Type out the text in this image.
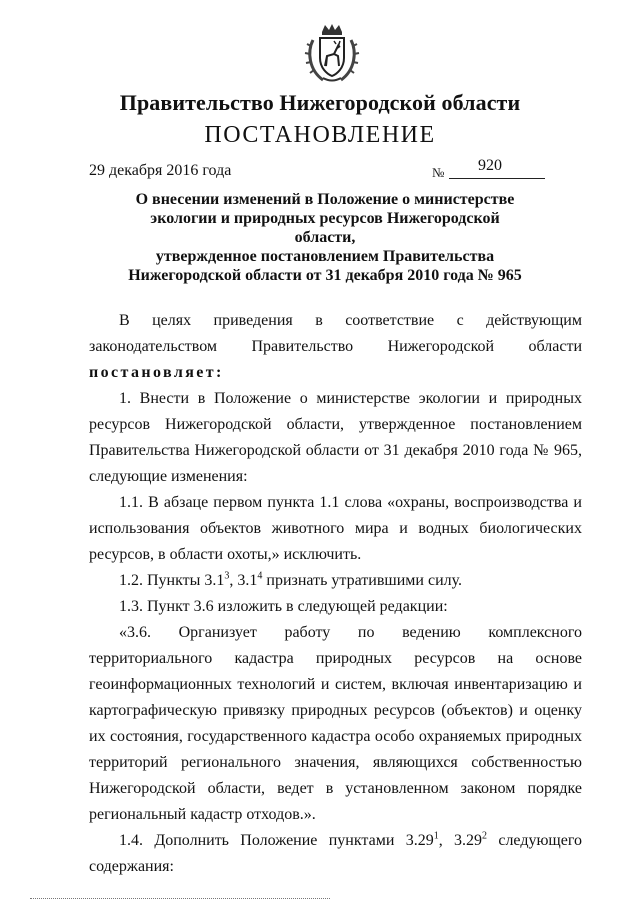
Правительство Нижегородской области
ПОСТАНОВЛЕНИЕ
29 декабря 2016 года	№ 920
О внесении изменений в Положение о министерстве
экологии и природных ресурсов Нижегородской области,
утвержденное постановлением Правительства
Нижегородской области от 31 декабря 2010 года № 965

В целях приведения в соответствие с действующим законодательством Правительство Нижегородской области постановляет:

1. Внести в Положение о министерстве экологии и природных ресурсов Нижегородской области, утвержденное постановлением Правительства Нижегородской области от 31 декабря 2010 года № 965, следующие изменения:

1.1. В абзаце первом пункта 1.1 слова «охраны, воспроизводства и использования объектов животного мира и водных биологических ресурсов, в области охоты,» исключить.

1.2. Пункты $3.1^3$, $3.1^4$ признать утратившими силу.

1.3. Пункт 3.6 изложить в следующей редакции:

«3.6. Организует работу по ведению комплексного территориального кадастра природных ресурсов на основе геоинформационных технологий и систем, включая инвентаризацию и картографическую привязку природных ресурсов (объектов) и оценку их состояния, государственного кадастра особо охраняемых природных территорий регионального значения, являющихся собственностью Нижегородской области, ведет в установленном законом порядке региональный кадастр отходов.».

1.4. Дополнить Положение пунктами 3.29$^1$, 3.29$^2$ следующего содержания:
